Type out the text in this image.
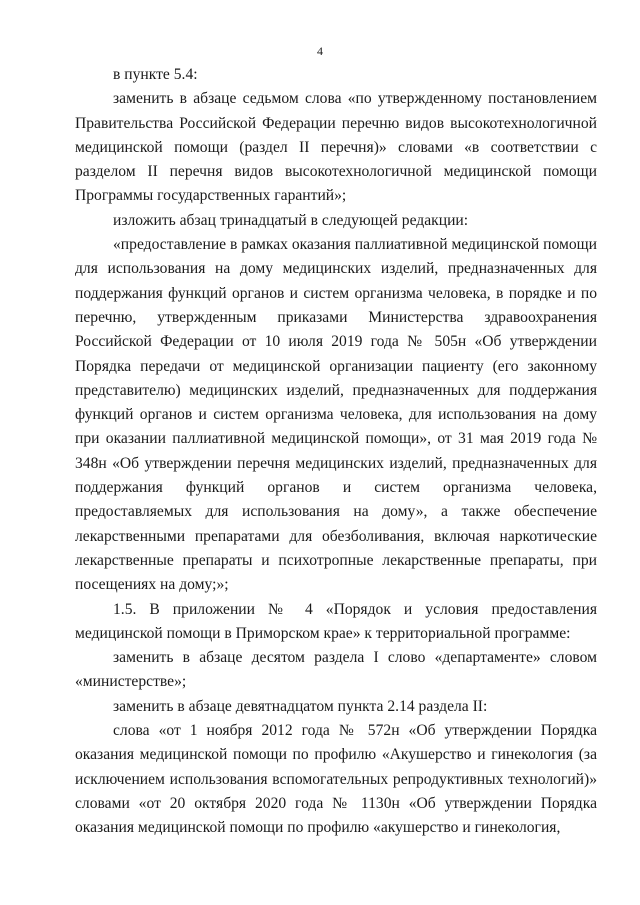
4

в пункте 5.4:

заменить в абзаце седьмом слова «по утвержденному постановлением Правительства Российской Федерации перечню видов высокотехнологичной медицинской помощи (раздел II перечня)» словами «в соответствии с разделом II перечня видов высокотехнологичной медицинской помощи Программы государственных гарантий»;

изложить абзац тринадцатый в следующей редакции:

«предоставление в рамках оказания паллиативной медицинской помощи для использования на дому медицинских изделий, предназначенных для поддержания функций органов и систем организма человека, в порядке и по перечню, утвержденным приказами Министерства здравоохранения Российской Федерации от 10 июля 2019 года № 505н «Об утверждении Порядка передачи от медицинской организации пациенту (его законному представителю) медицинских изделий, предназначенных для поддержания функций органов и систем организма человека, для использования на дому при оказании паллиативной медицинской помощи», от 31 мая 2019 года № 348н «Об утверждении перечня медицинских изделий, предназначенных для поддержания функций органов и систем организма человека, предоставляемых для использования на дому», а также обеспечение лекарственными препаратами для обезболивания, включая наркотические лекарственные препараты и психотропные лекарственные препараты, при посещениях на дому;»;

1.5. В приложении № 4 «Порядок и условия предоставления медицинской помощи в Приморском крае» к территориальной программе:

заменить в абзаце десятом раздела I слово «департаменте» словом «министерстве»;

заменить в абзаце девятнадцатом пункта 2.14 раздела II:

слова «от 1 ноября 2012 года № 572н «Об утверждении Порядка оказания медицинской помощи по профилю «Акушерство и гинекология (за исключением использования вспомогательных репродуктивных технологий)» словами «от 20 октября 2020 года № 1130н «Об утверждении Порядка оказания медицинской помощи по профилю «акушерство и гинекология,
